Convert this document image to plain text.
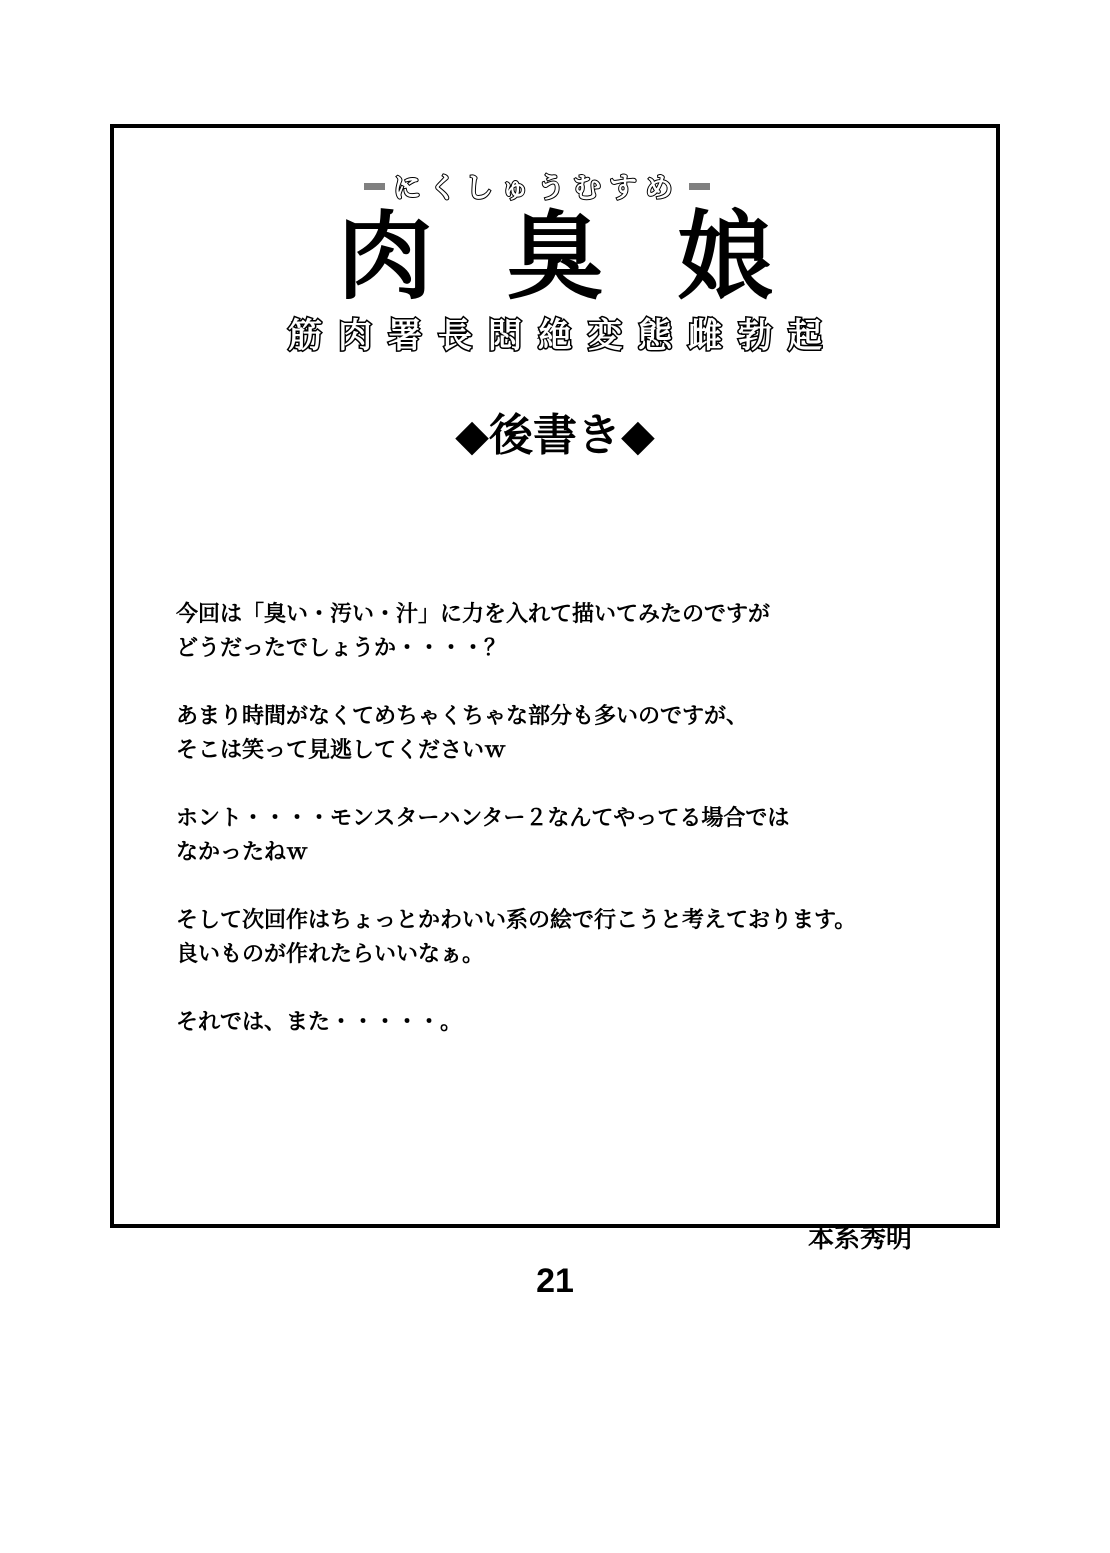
にくしゅうむすめ
肉臭娘
筋肉署長悶絶変態雌勃起
◆後書き◆
今回は「臭い・汚い・汁」に力を入れて描いてみたのですが
どうだったでしょうか・・・・？
あまり時間がなくてめちゃくちゃな部分も多いのですが、
そこは笑って見逃してくださいｗ
ホント・・・・モンスターハンター２なんてやってる場合では
なかったねｗ
そして次回作はちょっとかわいい系の絵で行こうと考えております。
良いものが作れたらいいなぁ。
それでは、また・・・・・。
本系秀明
21
